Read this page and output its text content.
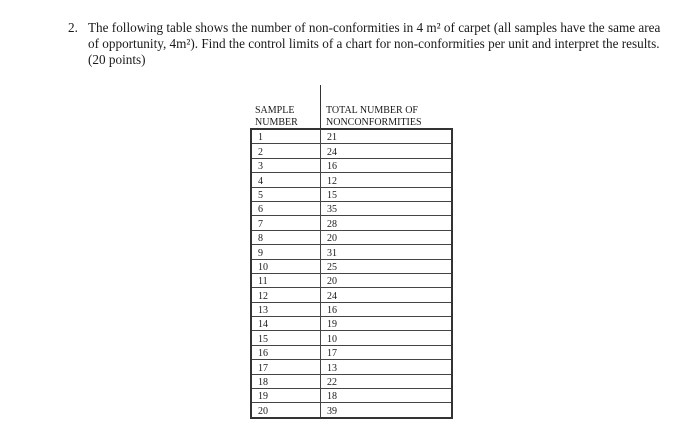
2. The following table shows the number of non-conformities in 4 m² of carpet (all samples have the same area of opportunity, 4m²). Find the control limits of a chart for non-conformities per unit and interpret the results. (20 points)
SAMPLE NUMBER	TOTAL NUMBER OF NONCONFORMITIES
1	21
2	24
3	16
4	12
5	15
6	35
7	28
8	20
9	31
10	25
11	20
12	24
13	16
14	19
15	10
16	17
17	13
18	22
19	18
20	39
